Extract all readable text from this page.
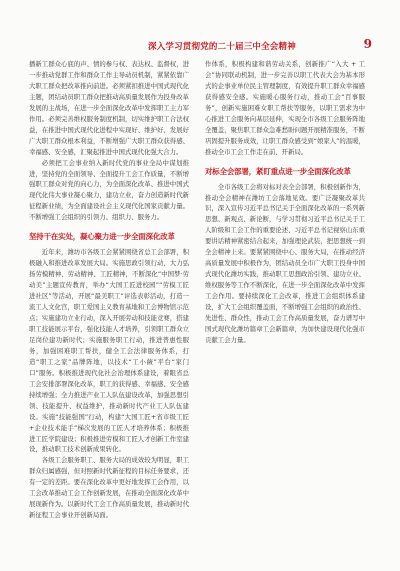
深入学习贯彻党的二十届三中全会精神	9

播新工群众心底的声、情的参与权、表达权、监督权，进一步推动党群工作和群众工作主导动员机制，紧紧依靠广大职工群众把改革推向前进。必须紧扣推进中国式现代化主题，团结动员职工群众把推动高质量发展作为投身改革发展的主战场，在进一步全面深化改革中发挥职工主力军作用。必须完善维权服务制度机制，切实维护职工合法权益，在推进中国式现代化进程中实现好、维护好、发展好广大职工群众根本利益，不断增强广大职工群众获得感、幸福感、安全感，汇聚起推进中国式现代化强大合力。

必须把工会事业纳入新时代党的事业全局中谋划推进，坚持党的全面领导、全面提升工会工作质量，不断增强职工群众对党的向心力，为全面深化改革、推进中国式现代化伟大事业凝心聚力，建功立业，奋力创造新时代新征程新业绩，为全面建设社会主义现代化国家贡献力量。不断增强工会组织的引领力、组织力、服务力。

坚持干在实处，凝心聚力进一步全面深化改革

近年来，潍坊市各级工会紧紧围绕省总工会部署，积极融入和推进改革发展大局。实施思政引领行动，大力弘扬劳模精神、劳动精神、工匠精神，不断深化“中国梦·劳动美”主题宣传教育，举办“大国工匠进校园”“劳模工匠进社区”等活动，开展“最美职工”评选表彰活动，打造一流工人文化宫，职工爱国主义教育基地和工会博物馆示范点；实施建功立业行动，深入开展劳动和技能竞赛，搭建职工技能展示平台，强化技能人才培养，引领职工群众立足岗位建功新时代；实施服务职工行动，推进普惠性服务，加强困难职工帮扶，健全工会法律服务体系，打造“职工之家”品牌阵地，以技术“工小薇”平台“家门口”服务。积极推进现代化社会治理体系建设，着眼省总工会安排部署深化改革，职工的获得感、幸福感、安全感持续增强；全力推进产业工人队伍建设改革，加强思想引领、技能提升、权益维护，推动新时代产业工人队伍建设。实施“技能强国”行动，构建“大国工匠+省市级工匠+企业技术能手”梯次发展的工匠人才培养体系；积极推进工匠学院建设；积极推进劳模和工匠人才创新工作室建设，推动职工技术创新成果转化。

各级工会服务职工、服务大局的成效较为明显，职工群众归属感强，但对照新时代新征程的目标任务要求，还有一定的差距。要在深化改革中更好地发挥工会作用，以工会改革推动工会工作创新发展，在推动全面深化改革中展现新作为。以新时代工会工作高质量发展，推动新时代新征程工会事业开创新局面。

作体系，积极构建和谐劳动关系，创新推广“入大 + 工会”协同联动机制，进一步完善以职工代表大会为基本形式的企事业单位民主管理制度，有效提升职工群众幸福感获得感安全感。实施暖心服务行动，推动工会“百事服务”，创新实施困难女职工帮扶等服务，以职工需求为中心推进工会服务向基层延伸，实现全市各级工会服务阵地全覆盖，聚焦职工群众急难愁盼问题开展精准服务，不断巩固提升服务成效，让职工群众感受到“娘家人”的温暖，推动全市工会工作走在前、开新局。

对标全会部署，紧盯重点进一步全面深化改革

全市各级工会将对标对表全会部署，积极创新作为，推动全会精神在潍坊工会落地见效。要广泛凝聚改革共识，深入宣传习近平总书记关于全面深化改革的一系列新思想、新观点、新论断，与学习贯彻习近平总书记关于工人阶级和工会工作的重要论述、习近平总书记视察山东重要讲话精神紧密结合起来，加强理论武装，把思想统一到全会精神上来。要紧紧围绕中心、服务大局，在推动经济高质量发展中积极作为，团结动员全市广大职工投身中国式现代化潍坊实践，推动职工思想政治引领、建功立业、维权服务等工作不断深化，在进一步全面深化改革中发挥工会作用。要持续深化工会改革，推进工会组织体系建设，扩大工会组织覆盖面，不断增强工会组织的政治性、先进性、群众性，推动工会工作高质量发展，奋力谱写中国式现代化潍坊篇章工会新篇章，为加快建设现代化强市贡献工会力量。
